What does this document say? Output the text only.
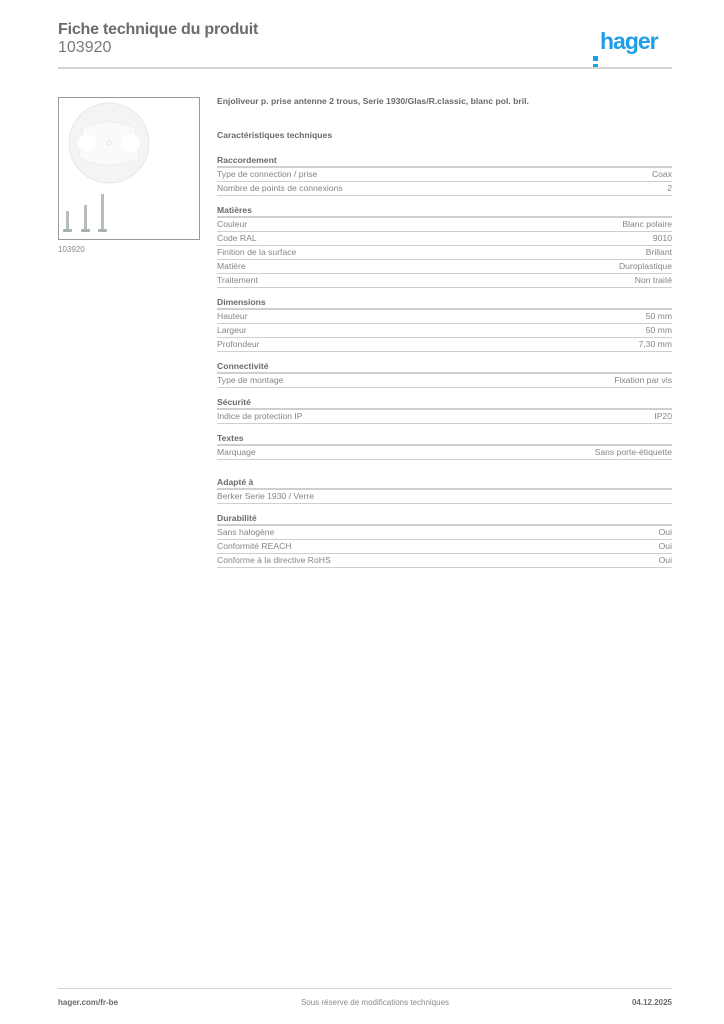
Fiche technique du produit
103920	hager
103920
Enjoliveur p. prise antenne 2 trous, Serie 1930/Glas/R.classic, blanc pol. bril.
Caractéristiques techniques
Raccordement
Type de connection / prise	Coax
Nombre de points de connexions	2
Matières
Couleur	Blanc polaire
Code RAL	9010
Finition de la surface	Brillant
Matière	Duroplastique
Traitement	Non traité
Dimensions
Hauteur	50 mm
Largeur	50 mm
Profondeur	7,30 mm
Connectivité
Type de montage	Fixation par vis
Sécurité
Indice de protection IP	IP20
Textes
Marquage	Sans porte-étiquette
Adapté à
Berker Serie 1930 / Verre
Durabilité
Sans halogène	Oui
Conformité REACH	Oui
Conforme à la directive RoHS	Oui
hager.com/fr-be	Sous réserve de modifications techniques	04.12.2025
